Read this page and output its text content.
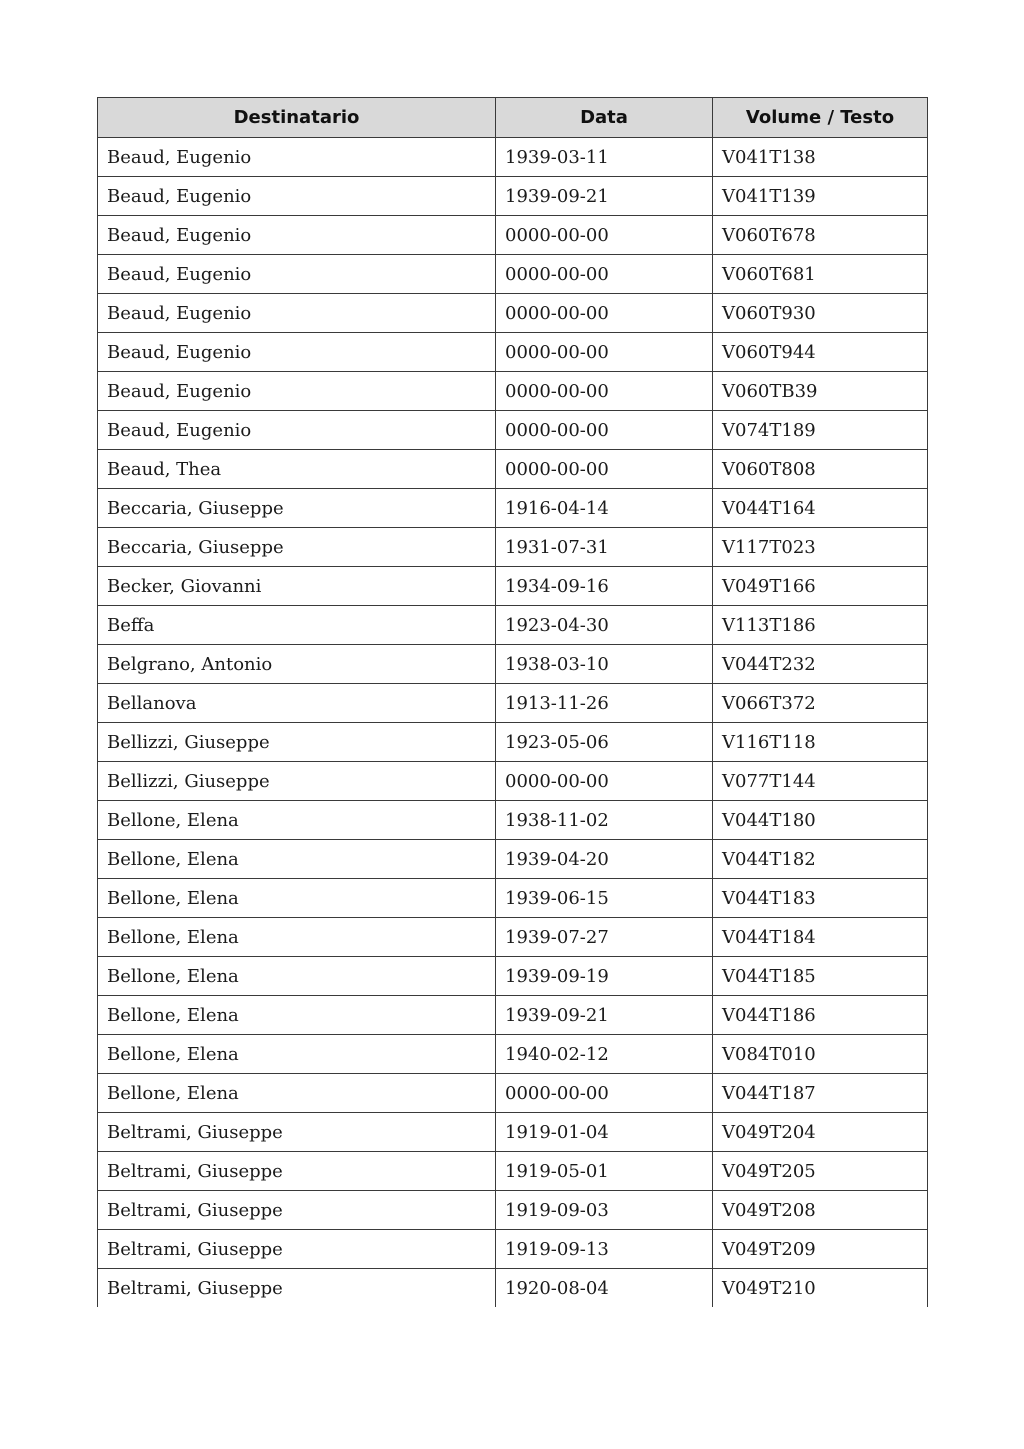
Destinatario	Data	Volume / Testo
Beaud, Eugenio	1939-03-11	V041T138
Beaud, Eugenio	1939-09-21	V041T139
Beaud, Eugenio	0000-00-00	V060T678
Beaud, Eugenio	0000-00-00	V060T681
Beaud, Eugenio	0000-00-00	V060T930
Beaud, Eugenio	0000-00-00	V060T944
Beaud, Eugenio	0000-00-00	V060TB39
Beaud, Eugenio	0000-00-00	V074T189
Beaud, Thea	0000-00-00	V060T808
Beccaria, Giuseppe	1916-04-14	V044T164
Beccaria, Giuseppe	1931-07-31	V117T023
Becker, Giovanni	1934-09-16	V049T166
Beffa	1923-04-30	V113T186
Belgrano, Antonio	1938-03-10	V044T232
Bellanova	1913-11-26	V066T372
Bellizzi, Giuseppe	1923-05-06	V116T118
Bellizzi, Giuseppe	0000-00-00	V077T144
Bellone, Elena	1938-11-02	V044T180
Bellone, Elena	1939-04-20	V044T182
Bellone, Elena	1939-06-15	V044T183
Bellone, Elena	1939-07-27	V044T184
Bellone, Elena	1939-09-19	V044T185
Bellone, Elena	1939-09-21	V044T186
Bellone, Elena	1940-02-12	V084T010
Bellone, Elena	0000-00-00	V044T187
Beltrami, Giuseppe	1919-01-04	V049T204
Beltrami, Giuseppe	1919-05-01	V049T205
Beltrami, Giuseppe	1919-09-03	V049T208
Beltrami, Giuseppe	1919-09-13	V049T209
Beltrami, Giuseppe	1920-08-04	V049T210
